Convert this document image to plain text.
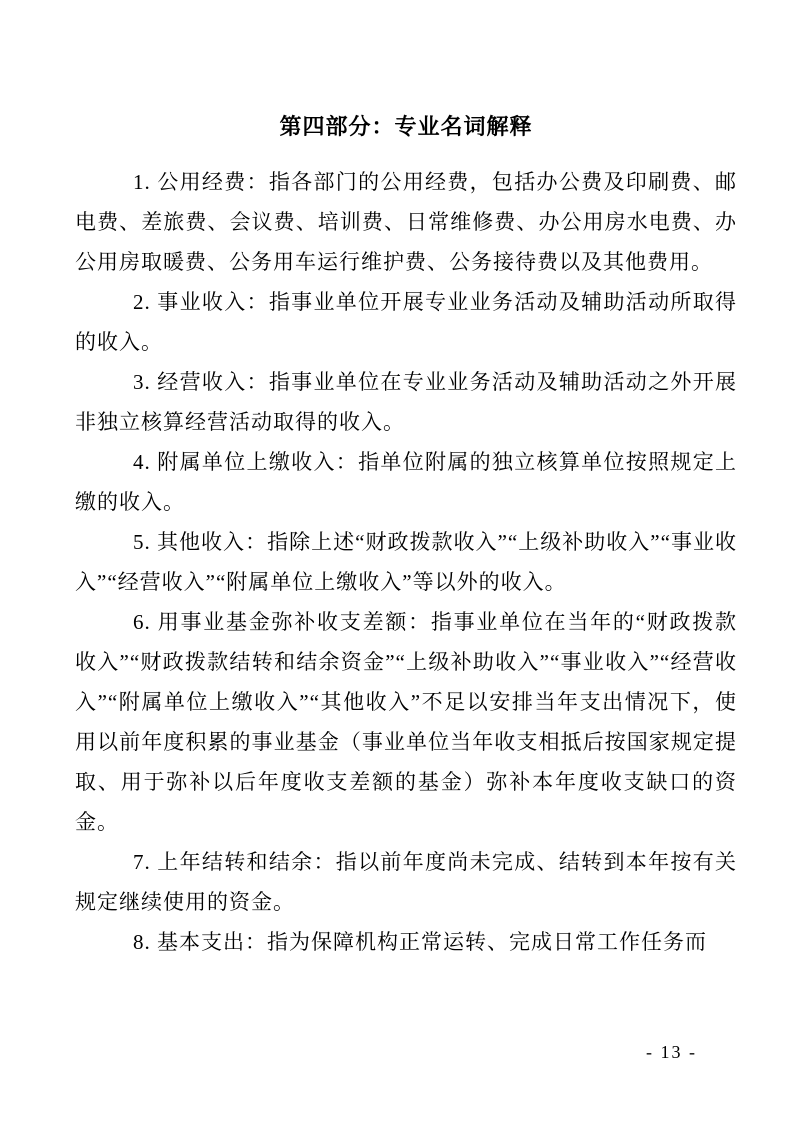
第四部分：专业名词解释

1. 公用经费：指各部门的公用经费，包括办公费及印刷费、邮电费、差旅费、会议费、培训费、日常维修费、办公用房水电费、办公用房取暖费、公务用车运行维护费、公务接待费以及其他费用。

2. 事业收入：指事业单位开展专业业务活动及辅助活动所取得的收入。

3. 经营收入：指事业单位在专业业务活动及辅助活动之外开展非独立核算经营活动取得的收入。

4. 附属单位上缴收入：指单位附属的独立核算单位按照规定上缴的收入。

5. 其他收入：指除上述“财政拨款收入”“上级补助收入”“事业收入”“经营收入”“附属单位上缴收入”等以外的收入。

6. 用事业基金弥补收支差额：指事业单位在当年的“财政拨款收入”“财政拨款结转和结余资金”“上级补助收入”“事业收入”“经营收入”“附属单位上缴收入”“其他收入”不足以安排当年支出情况下，使用以前年度积累的事业基金（事业单位当年收支相抵后按国家规定提取、用于弥补以后年度收支差额的基金）弥补本年度收支缺口的资金。

7. 上年结转和结余：指以前年度尚未完成、结转到本年按有关规定继续使用的资金。

8. 基本支出：指为保障机构正常运转、完成日常工作任务而

- 13 -
